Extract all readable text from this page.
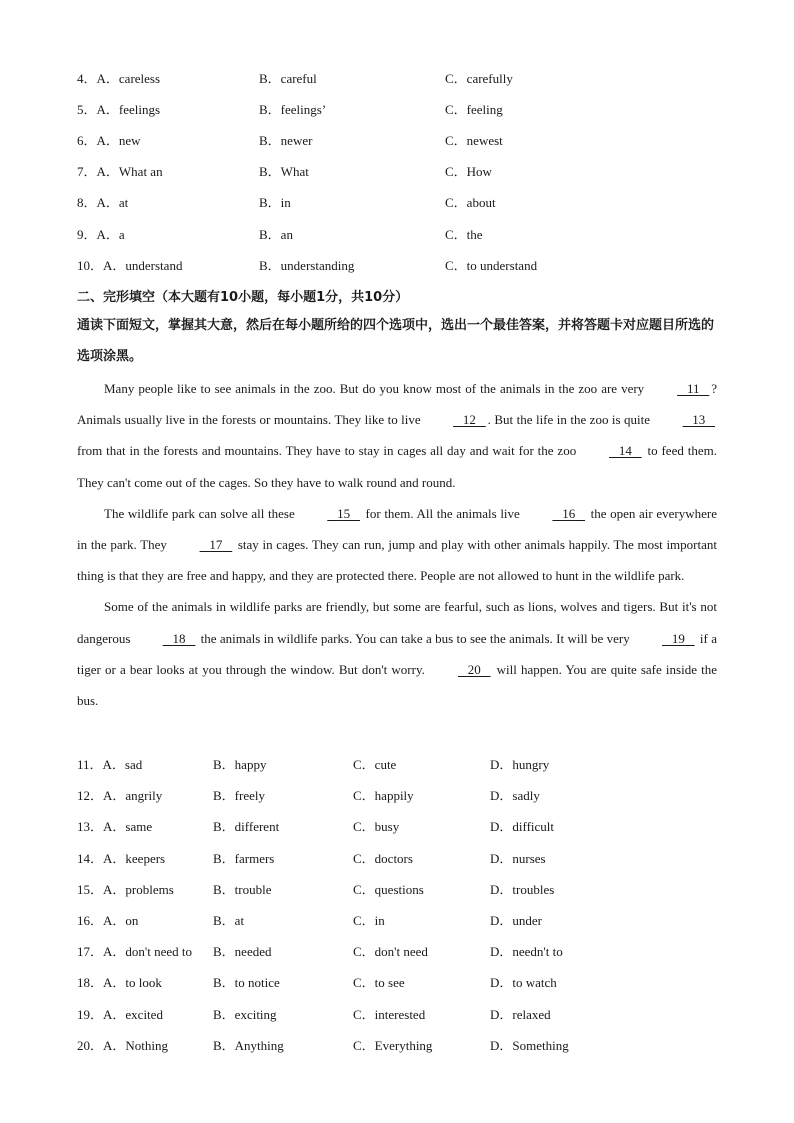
4．A．careless	B．careful	C．carefully
5．A．feelings	B．feelings’	C．feeling
6．A．new	B．newer	C．newest
7．A．What an	B．What	C．How
8．A．at	B．in	C．about
9．A．a	B．an	C．the
10．A．understand	B．understanding	C．to understand
二、完形填空（本大题有10小题，每小题1分，共10分）
通读下面短文，掌握其大意，然后在每小题所给的四个选项中，选出一个最佳答案，并将答题卡对应题目所选的选项涂黑。

Many people like to see animals in the zoo. But do you know most of the animals in the zoo are very	11 ? Animals usually live in the forests or mountains. They like to live	12 . But the life in the zoo is quite	13 from that in the forests and mountains. They have to stay in cages all day and wait for the zoo	14 to feed them. They can't come out of the cages. So they have to walk round and round.

The wildlife park can solve all these	15 for them. All the animals live	16 the open air everywhere in the park. They	17 stay in cages. They can run, jump and play with other animals happily. The most important thing is that they are free and happy, and they are protected there. People are not allowed to hunt in the wildlife park.

Some of the animals in wildlife parks are friendly, but some are fearful, such as lions, wolves and tigers. But it's not dangerous	18 the animals in wildlife parks. You can take a bus to see the animals. It will be very	19 if a tiger or a bear looks at you through the window. But don't worry.	20 will happen. You are quite safe inside the bus.

11．A．sad	B．happy	C．cute	D．hungry
12．A．angrily	B．freely	C．happily	D．sadly
13．A．same	B．different	C．busy	D．difficult
14．A．keepers	B．farmers	C．doctors	D．nurses
15．A．problems	B．trouble	C．questions	D．troubles
16．A．on	B．at	C．in	D．under
17．A．don't need to B．needed	C．don't need	D．needn't to
18．A．to look	B．to notice	C．to see	D．to watch
19．A．excited	B．exciting	C．interested	D．relaxed
20．A．Nothing	B．Anything	C．Everything	D．Something
